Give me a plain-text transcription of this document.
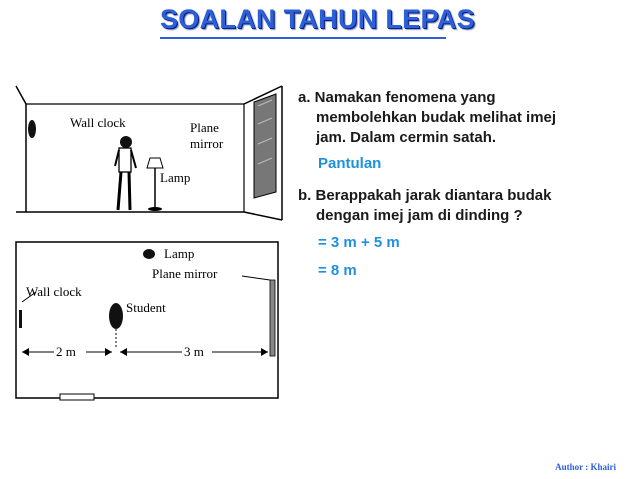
SOALAN TAHUN LEPAS
Wall clock	Plane
mirror
Lamp
Lamp
Plane mirror
Wall clock
Student
2 m	3 m
a. Namakan fenomena yang
membolehkan budak melihat imej
jam. Dalam cermin satah.
Pantulan
b. Berappakah jarak diantara budak
dengan imej jam di dinding ?
= 3 m + 5 m
= 8 m
Author : Khairi
